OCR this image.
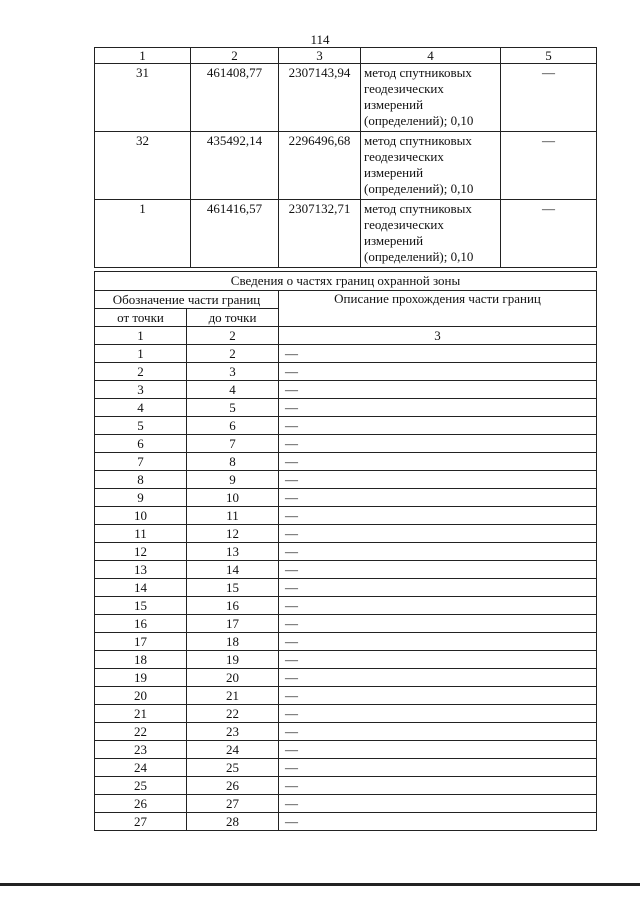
114
1	2	3	4	5
31	461408,77	2307143,94	метод спутниковых геодезических измерений (определений); 0,10	—
32	435492,14	2296496,68	метод спутниковых геодезических измерений (определений); 0,10	—
1	461416,57	2307132,71	метод спутниковых геодезических измерений (определений); 0,10	—
Сведения о частях границ охранной зоны		
Обозначение части границ		Описание прохождения части границ
от точки	до точки	
1	2	3
1	2	—
2	3	—
3	4	—
4	5	—
5	6	—
6	7	—
7	8	—
8	9	—
9	10	—
10	11	—
11	12	—
12	13	—
13	14	—
14	15	—
15	16	—
16	17	—
17	18	—
18	19	—
19	20	—
20	21	—
21	22	—
22	23	—
23	24	—
24	25	—
25	26	—
26	27	—
27	28	—
